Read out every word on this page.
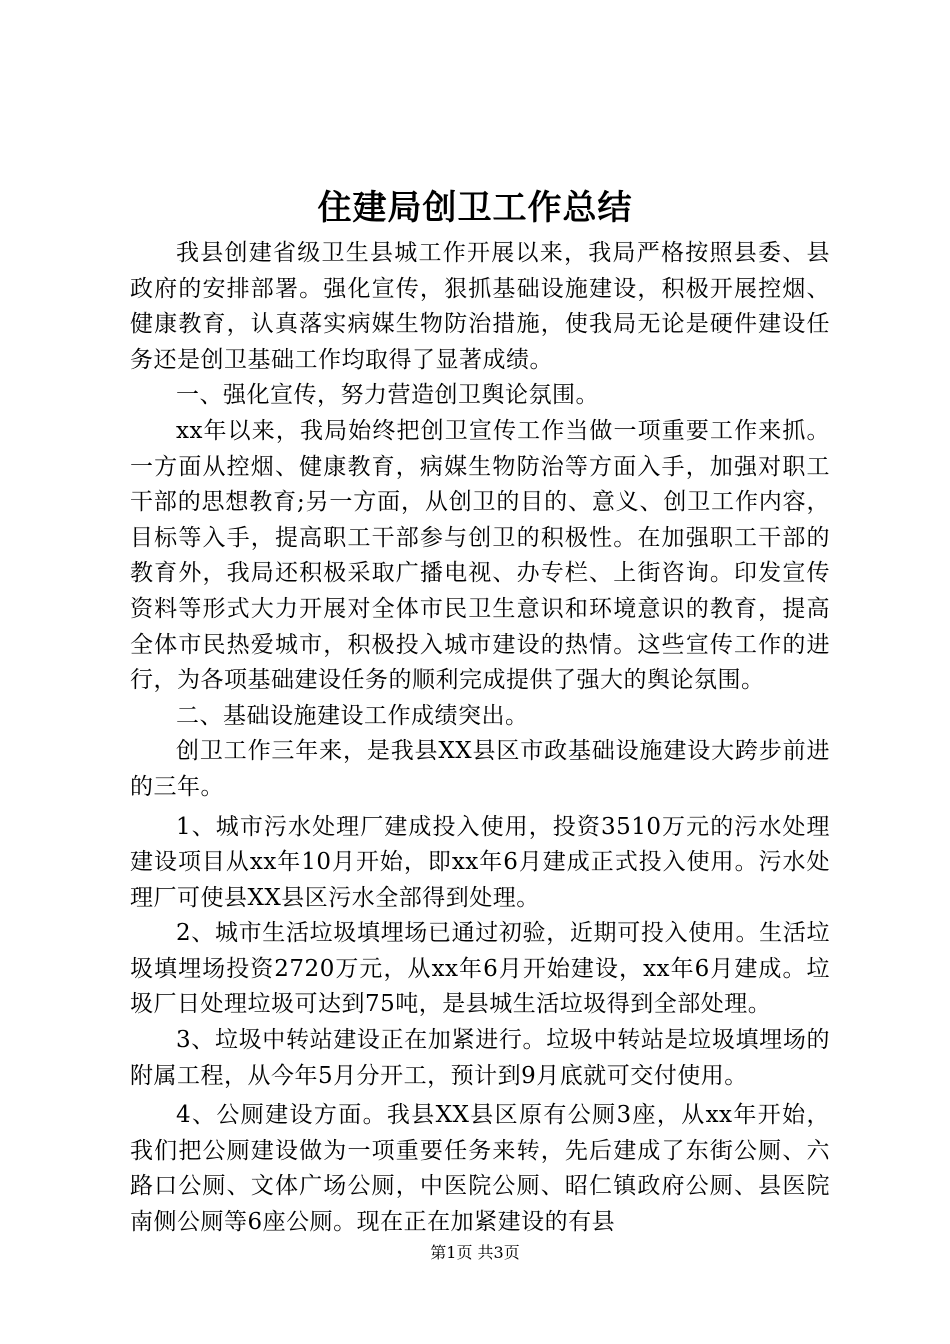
住建局创卫工作总结

我县创建省级卫生县城工作开展以来，我局严格按照县委、县政府的安排部署。强化宣传，狠抓基础设施建设，积极开展控烟、健康教育，认真落实病媒生物防治措施，使我局无论是硬件建设任务还是创卫基础工作均取得了显著成绩。

一、强化宣传，努力营造创卫舆论氛围。

xx年以来，我局始终把创卫宣传工作当做一项重要工作来抓。一方面从控烟、健康教育，病媒生物防治等方面入手，加强对职工干部的思想教育;另一方面，从创卫的目的、意义、创卫工作内容，目标等入手，提高职工干部参与创卫的积极性。在加强职工干部的教育外，我局还积极采取广播电视、办专栏、上街咨询。印发宣传资料等形式大力开展对全体市民卫生意识和环境意识的教育，提高全体市民热爱城市，积极投入城市建设的热情。这些宣传工作的进行，为各项基础建设任务的顺利完成提供了强大的舆论氛围。

二、基础设施建设工作成绩突出。

创卫工作三年来，是我县XX县区市政基础设施建设大跨步前进的三年。

1、城市污水处理厂建成投入使用，投资3510万元的污水处理建设项目从xx年10月开始，即xx年6月建成正式投入使用。污水处理厂可使县XX县区污水全部得到处理。

2、城市生活垃圾填埋场已通过初验，近期可投入使用。生活垃圾填埋场投资2720万元，从xx年6月开始建设，xx年6月建成。垃圾厂日处理垃圾可达到75吨，是县城生活垃圾得到全部处理。

3、垃圾中转站建设正在加紧进行。垃圾中转站是垃圾填埋场的附属工程，从今年5月分开工，预计到9月底就可交付使用。

4、公厕建设方面。我县XX县区原有公厕3座，从xx年开始，我们把公厕建设做为一项重要任务来转，先后建成了东街公厕、六路口公厕、文体广场公厕，中医院公厕、昭仁镇政府公厕、县医院南侧公厕等6座公厕。现在正在加紧建设的有县

第1页 共3页
